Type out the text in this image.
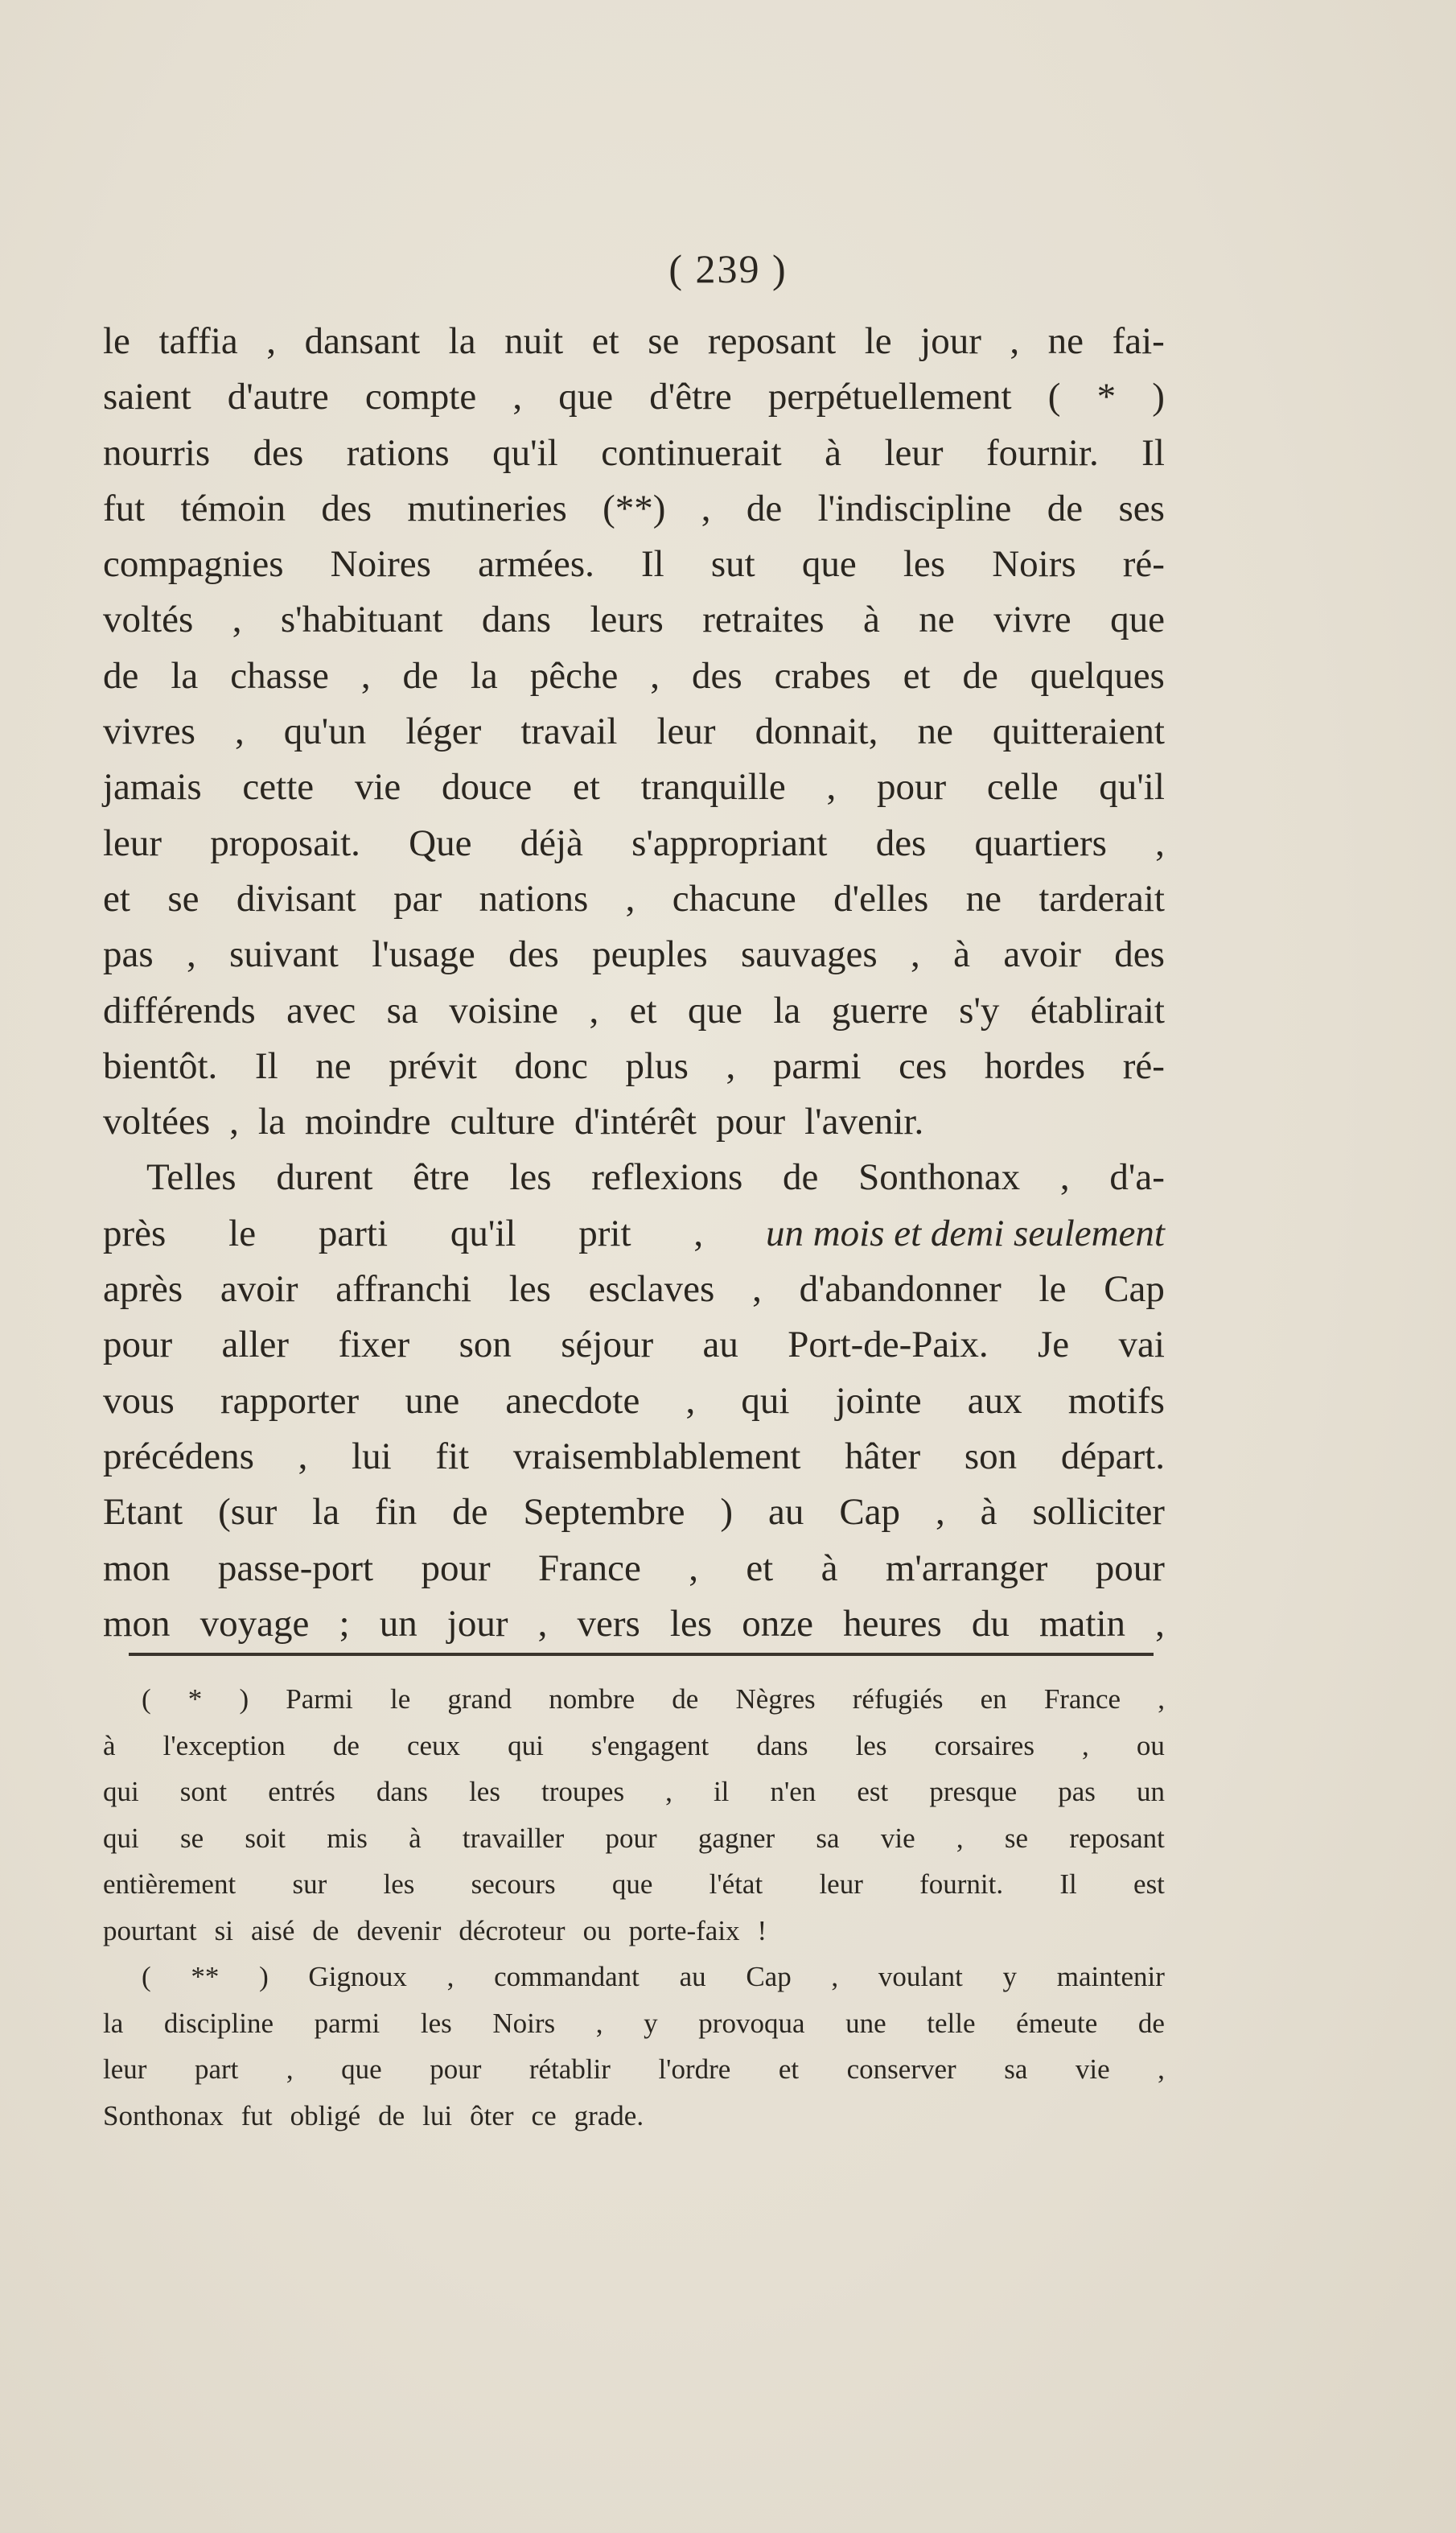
( 239 )
le taffia , dansant la nuit et se reposant le jour , ne fai-
saient d'autre compte , que d'être perpétuellement ( * )
nourris des rations qu'il continuerait à leur fournir. Il
fut témoin des mutineries (**) , de l'indiscipline de ses
compagnies Noires armées. Il sut que les Noirs ré-
voltés , s'habituant dans leurs retraites à ne vivre que
de la chasse , de la pêche , des crabes et de quelques
vivres , qu'un léger travail leur donnait, ne quitteraient
jamais cette vie douce et tranquille , pour celle qu'il
leur proposait. Que déjà s'appropriant des quartiers ,
et se divisant par nations , chacune d'elles ne tarderait
pas , suivant l'usage des peuples sauvages , à avoir des
différends avec sa voisine , et que la guerre s'y établirait
bientôt. Il ne prévit donc plus , parmi ces hordes ré-
voltées , la moindre culture d'intérêt pour l'avenir.
Telles durent être les reflexions de Sonthonax , d'a-
près le parti qu'il prit , un mois et demi seulement
après avoir affranchi les esclaves , d'abandonner le Cap
pour aller fixer son séjour au Port-de-Paix. Je vai
vous rapporter une anecdote , qui jointe aux motifs
précédens , lui fit vraisemblablement hâter son départ.
Etant (sur la fin de Septembre ) au Cap , à solliciter
mon passe-port pour France , et à m'arranger pour
mon voyage ; un jour , vers les onze heures du matin ,
( * ) Parmi le grand nombre de Nègres réfugiés en France ,
à l'exception de ceux qui s'engagent dans les corsaires , ou
qui sont entrés dans les troupes , il n'en est presque pas un
qui se soit mis à travailler pour gagner sa vie , se reposant
entièrement sur les secours que l'état leur fournit. Il est
pourtant si aisé de devenir décroteur ou porte-faix !
( ** ) Gignoux , commandant au Cap , voulant y maintenir
la discipline parmi les Noirs , y provoqua une telle émeute de
leur part , que pour rétablir l'ordre et conserver sa vie ,
Sonthonax fut obligé de lui ôter ce grade.
